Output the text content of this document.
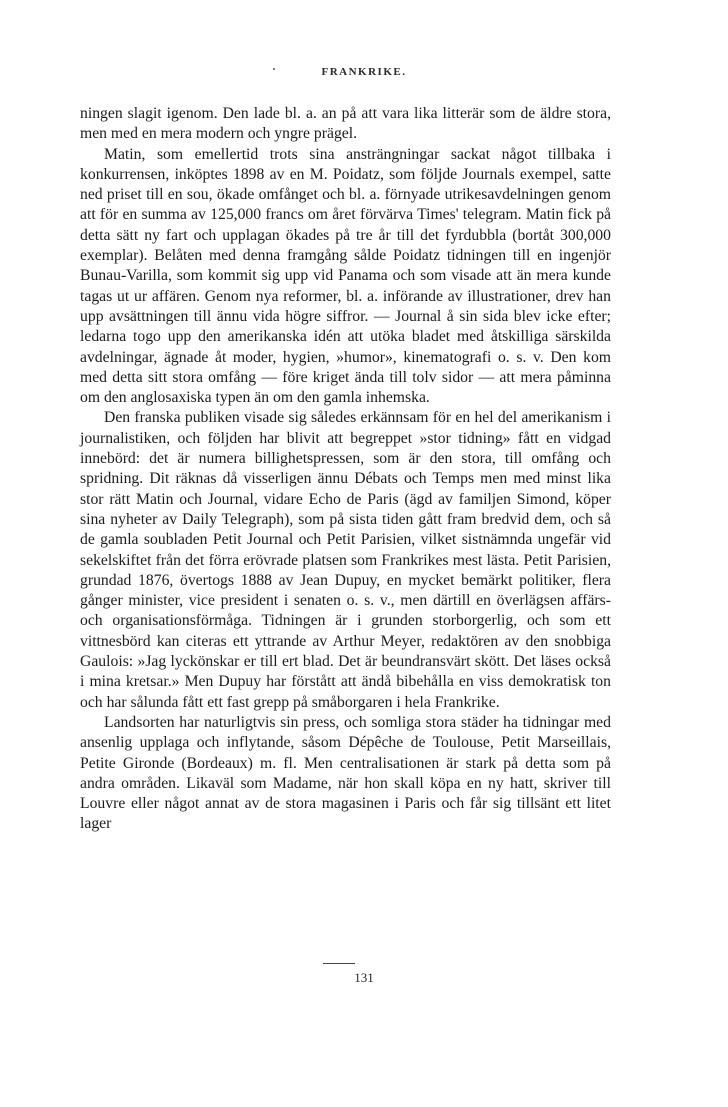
FRANKRIKE.

ningen slagit igenom. Den lade bl. a. an på att vara lika litterär som de äldre stora, men med en mera modern och yngre prägel.

Matin, som emellertid trots sina ansträngningar sackat något tillbaka i konkurrensen, inköptes 1898 av en M. Poidatz, som följde Journals exempel, satte ned priset till en sou, ökade omfånget och bl. a. förnyade utrikesavdelningen genom att för en summa av 125,000 francs om året förvärva Times' telegram. Matin fick på detta sätt ny fart och upplagan ökades på tre år till det fyrdubbla (bortåt 300,000 exemplar). Belåten med denna framgång sålde Poidatz tidningen till en ingenjör Bunau-Varilla, som kommit sig upp vid Panama och som visade att än mera kunde tagas ut ur affären. Genom nya reformer, bl. a. införande av illustrationer, drev han upp avsättningen till ännu vida högre siffror. — Journal å sin sida blev icke efter; ledarna togo upp den amerikanska idén att utöka bladet med åtskilliga särskilda avdelningar, ägnade åt moder, hygien, »humor», kinematografi o. s. v. Den kom med detta sitt stora omfång — före kriget ända till tolv sidor — att mera påminna om den anglosaxiska typen än om den gamla inhemska.

Den franska publiken visade sig således erkännsam för en hel del amerikanism i journalistiken, och följden har blivit att begreppet »stor tidning» fått en vidgad innebörd: det är numera billighetspressen, som är den stora, till omfång och spridning. Dit räknas då visserligen ännu Débats och Temps men med minst lika stor rätt Matin och Journal, vidare Echo de Paris (ägd av familjen Simond, köper sina nyheter av Daily Telegraph), som på sista tiden gått fram bredvid dem, och så de gamla soubladen Petit Journal och Petit Parisien, vilket sistnämnda ungefär vid sekelskiftet från det förra erövrade platsen som Frankrikes mest lästa. Petit Parisien, grundad 1876, övertogs 1888 av Jean Dupuy, en mycket bemärkt politiker, flera gånger minister, vice president i senaten o. s. v., men därtill en överlägsen affärs- och organisationsförmåga. Tidningen är i grunden storborgerlig, och som ett vittnesbörd kan citeras ett yttrande av Arthur Meyer, redaktören av den snobbiga Gaulois: »Jag lyckönskar er till ert blad. Det är beundransvärt skött. Det läses också i mina kretsar.» Men Dupuy har förstått att ändå bibehålla en viss demokratisk ton och har sålunda fått ett fast grepp på småborgaren i hela Frankrike.

Landsorten har naturligtvis sin press, och somliga stora städer ha tidningar med ansenlig upplaga och inflytande, såsom Dépêche de Toulouse, Petit Marseillais, Petite Gironde (Bordeaux) m. fl. Men centralisationen är stark på detta som på andra områden. Likaväl som Madame, när hon skall köpa en ny hatt, skriver till Louvre eller något annat av de stora magasinen i Paris och får sig tillsänt ett litet lager

131
